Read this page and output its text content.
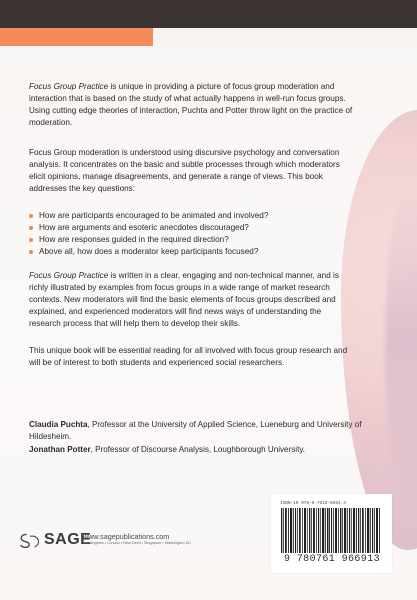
Focus Group Practice is unique in providing a picture of focus group moderation and interaction that is based on the study of what actually happens in well-run focus groups. Using cutting edge theories of interaction, Puchta and Potter throw light on the practice of moderation.
Focus Group moderation is understood using discursive psychology and conversation analysis. It concentrates on the basic and subtle processes through which moderators elicit opinions, manage disagreements, and generate a range of views. This book addresses the key questions:
How are participants encouraged to be animated and involved?
How are arguments and esoteric anecdotes discouraged?
How are responses guided in the required direction?
Above all, how does a moderator keep participants focused?
Focus Group Practice is written in a clear, engaging and non-technical manner, and is richly illustrated by examples from focus groups in a wide range of market research contexts. New moderators will find the basic elements of focus groups described and explained, and experienced moderators will find news ways of understanding the research process that will help them to develop their skills.
This unique book will be essential reading for all involved with focus group research and will be of interest to both students and experienced social researchers.
Claudia Puchta, Professor at the University of Applied Science, Lueneburg and University of Hildesheim.
Jonathan Potter, Professor of Discourse Analysis, Loughborough University.
SAGE
www.sagepublications.com
Los Angeles • London • New Delhi • Singapore • Washington DC
ISBN-10 978-0-7619-6691-3
9 780761 966913
